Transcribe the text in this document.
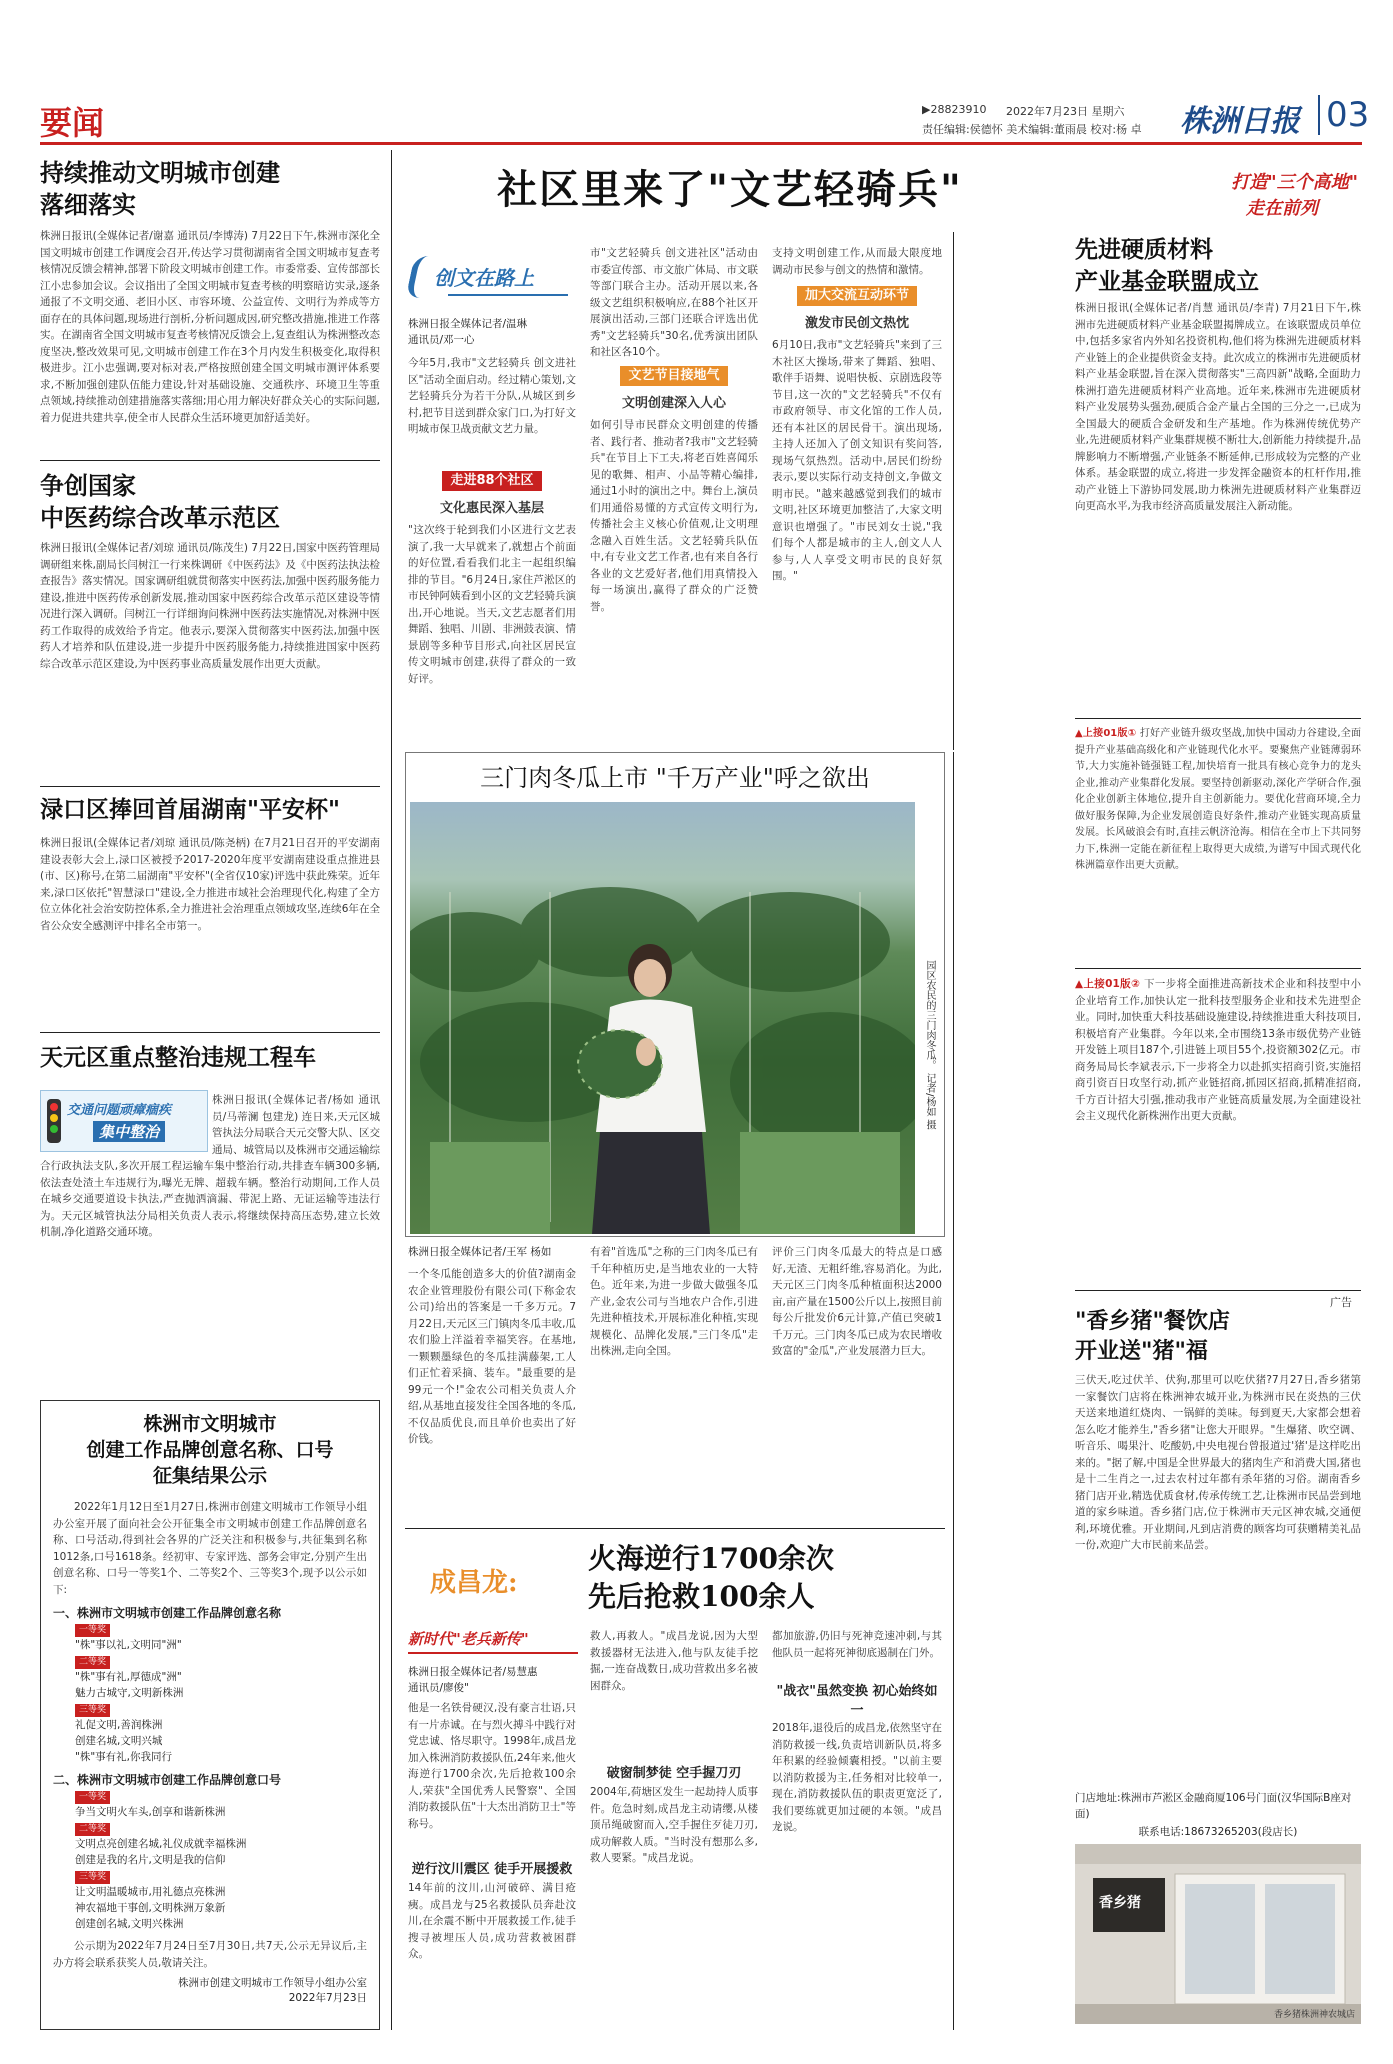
要闻	▶28823910 2022年7月23日 星期六
责任编辑:侯德怀 美术编辑:董雨晨 校对:杨 卓 株洲日报 03
持续推动文明城市创建
落细落实
株洲日报讯(全媒体记者/谢嘉 通讯员/李博涛) 7月22日下午,株洲市深化全国文明城市创建工作调度会召开,传达学习贯彻湖南省全国文明城市复查考核情况反馈会精神,部署下阶段文明城市创建工作。市委常委、宣传部部长江小忠参加会议。会议指出了全国文明城市复查考核的明察暗访实录,逐条通报了不文明交通、老旧小区、市容环境、公益宣传、文明行为养成等方面存在的具体问题,现场进行剖析,分析问题成因,研究整改措施,推进工作落实。在湖南省全国文明城市复查考核情况反馈会上,复查组认为株洲整改态度坚决,整改效果可见,文明城市创建工作在3个月内发生积极变化,取得积极进步。江小忠强调,要对标对表,严格按照创建全国文明城市测评体系要求,不断加强创建队伍能力建设,针对基础设施、交通秩序、环境卫生等重点领域,持续推动创建措施落实落细;用心用力解决好群众关心的实际问题,着力促进共建共享,使全市人民群众生活环境更加舒适美好。
争创国家
中医药综合改革示范区
株洲日报讯(全媒体记者/刘琼 通讯员/陈茂生) 7月22日,国家中医药管理局调研组来株,副局长闫树江一行来株调研《中医药法》及《中医药法执法检查报告》落实情况。国家调研组就贯彻落实中医药法,加强中医药服务能力建设,推进中医药传承创新发展,推动国家中医药综合改革示范区建设等情况进行深入调研。闫树江一行详细询问株洲中医药法实施情况,对株洲中医药工作取得的成效给予肯定。他表示,要深入贯彻落实中医药法,加强中医药人才培养和队伍建设,进一步提升中医药服务能力,持续推进国家中医药综合改革示范区建设,为中医药事业高质量发展作出更大贡献。
渌口区捧回首届湖南"平安杯"
株洲日报讯(全媒体记者/刘琼 通讯员/陈尧柄) 在7月21日召开的平安湖南建设表彰大会上,渌口区被授予2017-2020年度平安湖南建设重点推进县(市、区)称号,在第二届湖南"平安杯"(全省仅10家)评选中获此殊荣。近年来,渌口区依托"智慧渌口"建设,全力推进市域社会治理现代化,构建了全方位立体化社会治安防控体系,全力推进社会治理重点领域攻坚,连续6年在全省公众安全感测评中排名全市第一。
天元区重点整治违规工程车
交通问题顽瘴痼疾
集中整治
株洲日报讯(全媒体记者/杨如 通讯员/马蒂澜 包建龙) 连日来,天元区城管执法分局联合天元交警大队、区交通局、城管局以及株洲市交通运输综合行政执法支队,多次开展工程运输车集中整治行动,共排查车辆300多辆,依法查处渣土车违规行为,曝光无牌、超载车辆。整治行动期间,工作人员在城乡交通要道设卡执法,严查抛洒滴漏、带泥上路、无证运输等违法行为。天元区城管执法分局相关负责人表示,将继续保持高压态势,建立长效机制,净化道路交通环境。
株洲市文明城市
创建工作品牌创意名称、口号
征集结果公示
2022年1月12日至1月27日,株洲市创建文明城市工作领导小组办公室开展了面向社会公开征集全市文明城市创建工作品牌创意名称、口号活动,得到社会各界的广泛关注和积极参与,共征集到名称1012条,口号1618条。经初审、专家评选、部务会审定,分别产生出创意名称、口号一等奖1个、二等奖2个、三等奖3个,现予以公示如下:
一、株洲市文明城市创建工作品牌创意名称
一等奖
"株"事以礼,文明同"洲"
二等奖
"株"事有礼,厚德成"洲"
魅力古城守,文明新株洲
三等奖
礼促文明,善润株洲
创建名城,文明兴城
"株"事有礼,你我同行
二、株洲市文明城市创建工作品牌创意口号
一等奖
争当文明火车头,创享和谐新株洲
二等奖
文明点亮创建名城,礼仪成就幸福株洲
创建是我的名片,文明是我的信仰
三等奖
让文明温暖城市,用礼德点亮株洲
神农福地干事创,文明株洲万象新
创建创名城,文明兴株洲
公示期为2022年7月24日至7月30日,共7天,公示无异议后,主办方将会联系获奖人员,敬请关注。
株洲市创建文明城市工作领导小组办公室
2022年7月23日
社区里来了"文艺轻骑兵"	打造"三个高地"
走在前列
创文在路上
株洲日报全媒体记者/温琳
通讯员/邓一心
今年5月,我市"文艺轻骑兵 创文进社区"活动全面启动。经过精心策划,文艺轻骑兵分为若干分队,从城区到乡村,把节目送到群众家门口,为打好文明城市保卫战贡献文艺力量。
走进88个社区
文化惠民深入基层
"这次终于轮到我们小区进行文艺表演了,我一大早就来了,就想占个前面的好位置,看看我们北主一起组织编排的节目。"6月24日,家住芦淞区的市民钟阿姨看到小区的文艺轻骑兵演出,开心地说。当天,文艺志愿者们用舞蹈、独唱、川剧、非洲鼓表演、情景剧等多种节目形式,向社区居民宣传文明城市创建,获得了群众的一致好评。
市"文艺轻骑兵 创文进社区"活动由市委宣传部、市文旅广体局、市文联等部门联合主办。活动开展以来,各级文艺组织积极响应,在88个社区开展演出活动,三部门还联合评选出优秀"文艺轻骑兵"30名,优秀演出团队和社区各10个。
文艺节目接地气
文明创建深入人心
如何引导市民群众文明创建的传播者、践行者、推动者?我市"文艺轻骑兵"在节目上下工夫,将老百姓喜闻乐见的歌舞、相声、小品等精心编排,通过1小时的演出之中。舞台上,演员们用通俗易懂的方式宣传文明行为,传播社会主义核心价值观,让文明理念融入百姓生活。文艺轻骑兵队伍中,有专业文艺工作者,也有来自各行各业的文艺爱好者,他们用真情投入每一场演出,赢得了群众的广泛赞誉。
支持文明创建工作,从而最大限度地调动市民参与创文的热情和激情。
加大交流互动环节
激发市民创文热忱
6月10日,我市"文艺轻骑兵"来到了三木社区大操场,带来了舞蹈、独唱、歌伴手语舞、说唱快板、京剧选段等节目,这一次的"文艺轻骑兵"不仅有市政府领导、市文化馆的工作人员,还有本社区的居民骨干。演出现场,主持人还加入了创文知识有奖问答,现场气氛热烈。活动中,居民们纷纷表示,要以实际行动支持创文,争做文明市民。"越来越感觉到我们的城市文明,社区环境更加整洁了,大家文明意识也增强了。"市民刘女士说,"我们每个人都是城市的主人,创文人人参与,人人享受文明市民的良好氛围。"
三门肉冬瓜上市 "千万产业"呼之欲出
园区农民的三门肉冬瓜。 记者/杨如 摄
株洲日报全媒体记者/王军 杨如
一个冬瓜能创造多大的价值?湖南金农企业管理股份有限公司(下称金农公司)给出的答案是一千多万元。7月22日,天元区三门镇肉冬瓜丰收,瓜农们脸上洋溢着幸福笑容。在基地,一颗颗墨绿色的冬瓜挂满藤架,工人们正忙着采摘、装车。"最重要的是99元一个!"金农公司相关负责人介绍,从基地直接发往全国各地的冬瓜,不仅品质优良,而且单价也卖出了好价钱。
有着"首选瓜"之称的三门肉冬瓜已有千年种植历史,是当地农业的一大特色。近年来,为进一步做大做强冬瓜产业,金农公司与当地农户合作,引进先进种植技术,开展标准化种植,实现规模化、品牌化发展,"三门冬瓜"走出株洲,走向全国。
评价三门肉冬瓜最大的特点是口感好,无渣、无粗纤维,容易消化。为此,天元区三门肉冬瓜种植面积达2000亩,亩产量在1500公斤以上,按照目前每公斤批发价6元计算,产值已突破1千万元。三门肉冬瓜已成为农民增收致富的"金瓜",产业发展潜力巨大。
成昌龙:
火海逆行1700余次
先后抢救100余人
新时代"老兵新传"
株洲日报全媒体记者/易慧惠
通讯员/廖俊"
他是一名铁骨硬汉,没有豪言壮语,只有一片赤诚。在与烈火搏斗中践行对党忠诚、恪尽职守。1998年,成昌龙加入株洲消防救援队伍,24年来,他火海逆行1700余次,先后抢救100余人,荣获"全国优秀人民警察"、全国消防救援队伍"十大杰出消防卫士"等称号。
逆行汶川震区 徒手开展援救
14年前的汶川,山河破碎、满目疮痍。成昌龙与25名救援队员奔赴汶川,在余震不断中开展救援工作,徒手搜寻被埋压人员,成功营救被困群众。
救人,再救人。"成昌龙说,因为大型救援器材无法进入,他与队友徒手挖掘,一连奋战数日,成功营救出多名被困群众。
破窗制梦徒 空手握刀刃
2004年,荷塘区发生一起劫持人质事件。危急时刻,成昌龙主动请缨,从楼顶吊绳破窗而入,空手握住歹徒刀刃,成功解救人质。"当时没有想那么多,救人要紧。"成昌龙说。
都加旅游,仍旧与死神竞速冲刺,与其他队员一起将死神彻底遏制在门外。
"战衣"虽然变换 初心始终如一
2018年,退役后的成昌龙,依然坚守在消防救援一线,负责培训新队员,将多年积累的经验倾囊相授。"以前主要以消防救援为主,任务相对比较单一,现在,消防救援队伍的职责更宽泛了,我们要练就更加过硬的本领。"成昌龙说。
先进硬质材料
产业基金联盟成立
株洲日报讯(全媒体记者/肖慧 通讯员/李青) 7月21日下午,株洲市先进硬质材料产业基金联盟揭牌成立。在该联盟成员单位中,包括多家省内外知名投资机构,他们将为株洲先进硬质材料产业链上的企业提供资金支持。此次成立的株洲市先进硬质材料产业基金联盟,旨在深入贯彻落实"三高四新"战略,全面助力株洲打造先进硬质材料产业高地。近年来,株洲市先进硬质材料产业发展势头强劲,硬质合金产量占全国的三分之一,已成为全国最大的硬质合金研发和生产基地。作为株洲传统优势产业,先进硬质材料产业集群规模不断壮大,创新能力持续提升,品牌影响力不断增强,产业链条不断延伸,已形成较为完整的产业体系。基金联盟的成立,将进一步发挥金融资本的杠杆作用,推动产业链上下游协同发展,助力株洲先进硬质材料产业集群迈向更高水平,为我市经济高质量发展注入新动能。
▲上接01版① 打好产业链升级攻坚战,加快中国动力谷建设,全面提升产业基础高级化和产业链现代化水平。要聚焦产业链薄弱环节,大力实施补链强链工程,加快培育一批具有核心竞争力的龙头企业,推动产业集群化发展。要坚持创新驱动,深化产学研合作,强化企业创新主体地位,提升自主创新能力。要优化营商环境,全力做好服务保障,为企业发展创造良好条件,推动产业链实现高质量发展。长风破浪会有时,直挂云帆济沧海。相信在全市上下共同努力下,株洲一定能在新征程上取得更大成绩,为谱写中国式现代化株洲篇章作出更大贡献。
▲上接01版② 下一步将全面推进高新技术企业和科技型中小企业培育工作,加快认定一批科技型服务企业和技术先进型企业。同时,加快重大科技基础设施建设,持续推进重大科技项目,积极培育产业集群。今年以来,全市围绕13条市级优势产业链开发链上项目187个,引进链上项目55个,投资额302亿元。市商务局局长李斌表示,下一步将全力以赴抓实招商引资,实施招商引资百日攻坚行动,抓产业链招商,抓园区招商,抓精准招商,千方百计招大引强,推动我市产业链高质量发展,为全面建设社会主义现代化新株洲作出更大贡献。
广告
"香乡猪"餐饮店
开业送"猪"福
三伏天,吃过伏羊、伏狗,那里可以吃伏猪?7月27日,香乡猪第一家餐饮门店将在株洲神农城开业,为株洲市民在炎热的三伏天送来地道红烧肉、一锅鲜的美味。每到夏天,大家都会想着怎么吃才能养生,"香乡猪"让您大开眼界。"生爆猪、吹空调、听音乐、喝果汁、吃酸奶,中央电视台曾报道过'猪'是这样吃出来的。"据了解,中国是全世界最大的猪肉生产和消费大国,猪也是十二生肖之一,过去农村过年都有杀年猪的习俗。湖南香乡猪门店开业,精选优质食材,传承传统工艺,让株洲市民品尝到地道的家乡味道。香乡猪门店,位于株洲市天元区神农城,交通便利,环境优雅。开业期间,凡到店消费的顾客均可获赠精美礼品一份,欢迎广大市民前来品尝。
门店地址:株洲市芦淞区金融商厦106号门面(汉华国际B座对面)
联系电话:18673265203(段店长)
香乡猪
香乡猪株洲神农城店
